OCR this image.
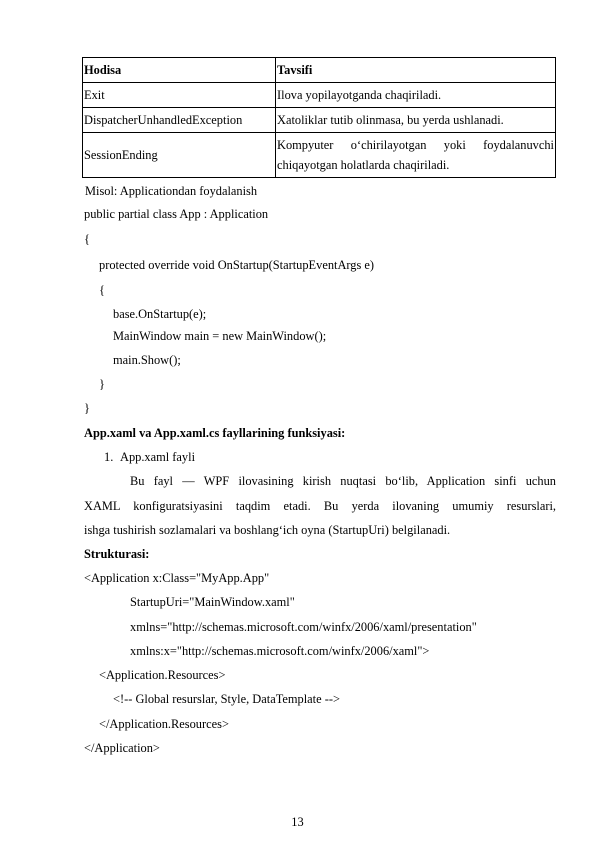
Hodisa	Tavsifi
Exit	Ilova yopilayotganda chaqiriladi.
DispatcherUnhandledException	Xatoliklar tutib olinmasa, bu yerda ushlanadi.
SessionEnding	Kompyuter o‘chirilayotgan yoki foydalanuvchi
chiqayotgan holatlarda chaqiriladi.
Misol: Applicationdan foydalanish
public partial class App : Application
{
protected override void OnStartup(StartupEventArgs e)
{
base.OnStartup(e);
MainWindow main = new MainWindow();
main.Show();
}
}
App.xaml va App.xaml.cs fayllarining funksiyasi:
1. App.xaml fayli
Bu fayl — WPF ilovasining kirish nuqtasi bo‘lib, Application sinfi uchun
XAML konfiguratsiyasini taqdim etadi. Bu yerda ilovaning umumiy resurslari,
ishga tushirish sozlamalari va boshlang‘ich oyna (StartupUri) belgilanadi.
Strukturasi:
<Application x:Class="MyApp.App"
StartupUri="MainWindow.xaml"
xmlns="http://schemas.microsoft.com/winfx/2006/xaml/presentation"
xmlns:x="http://schemas.microsoft.com/winfx/2006/xaml">
<Application.Resources>
<!-- Global resurslar, Style, DataTemplate -->
</Application.Resources>
</Application>
13
